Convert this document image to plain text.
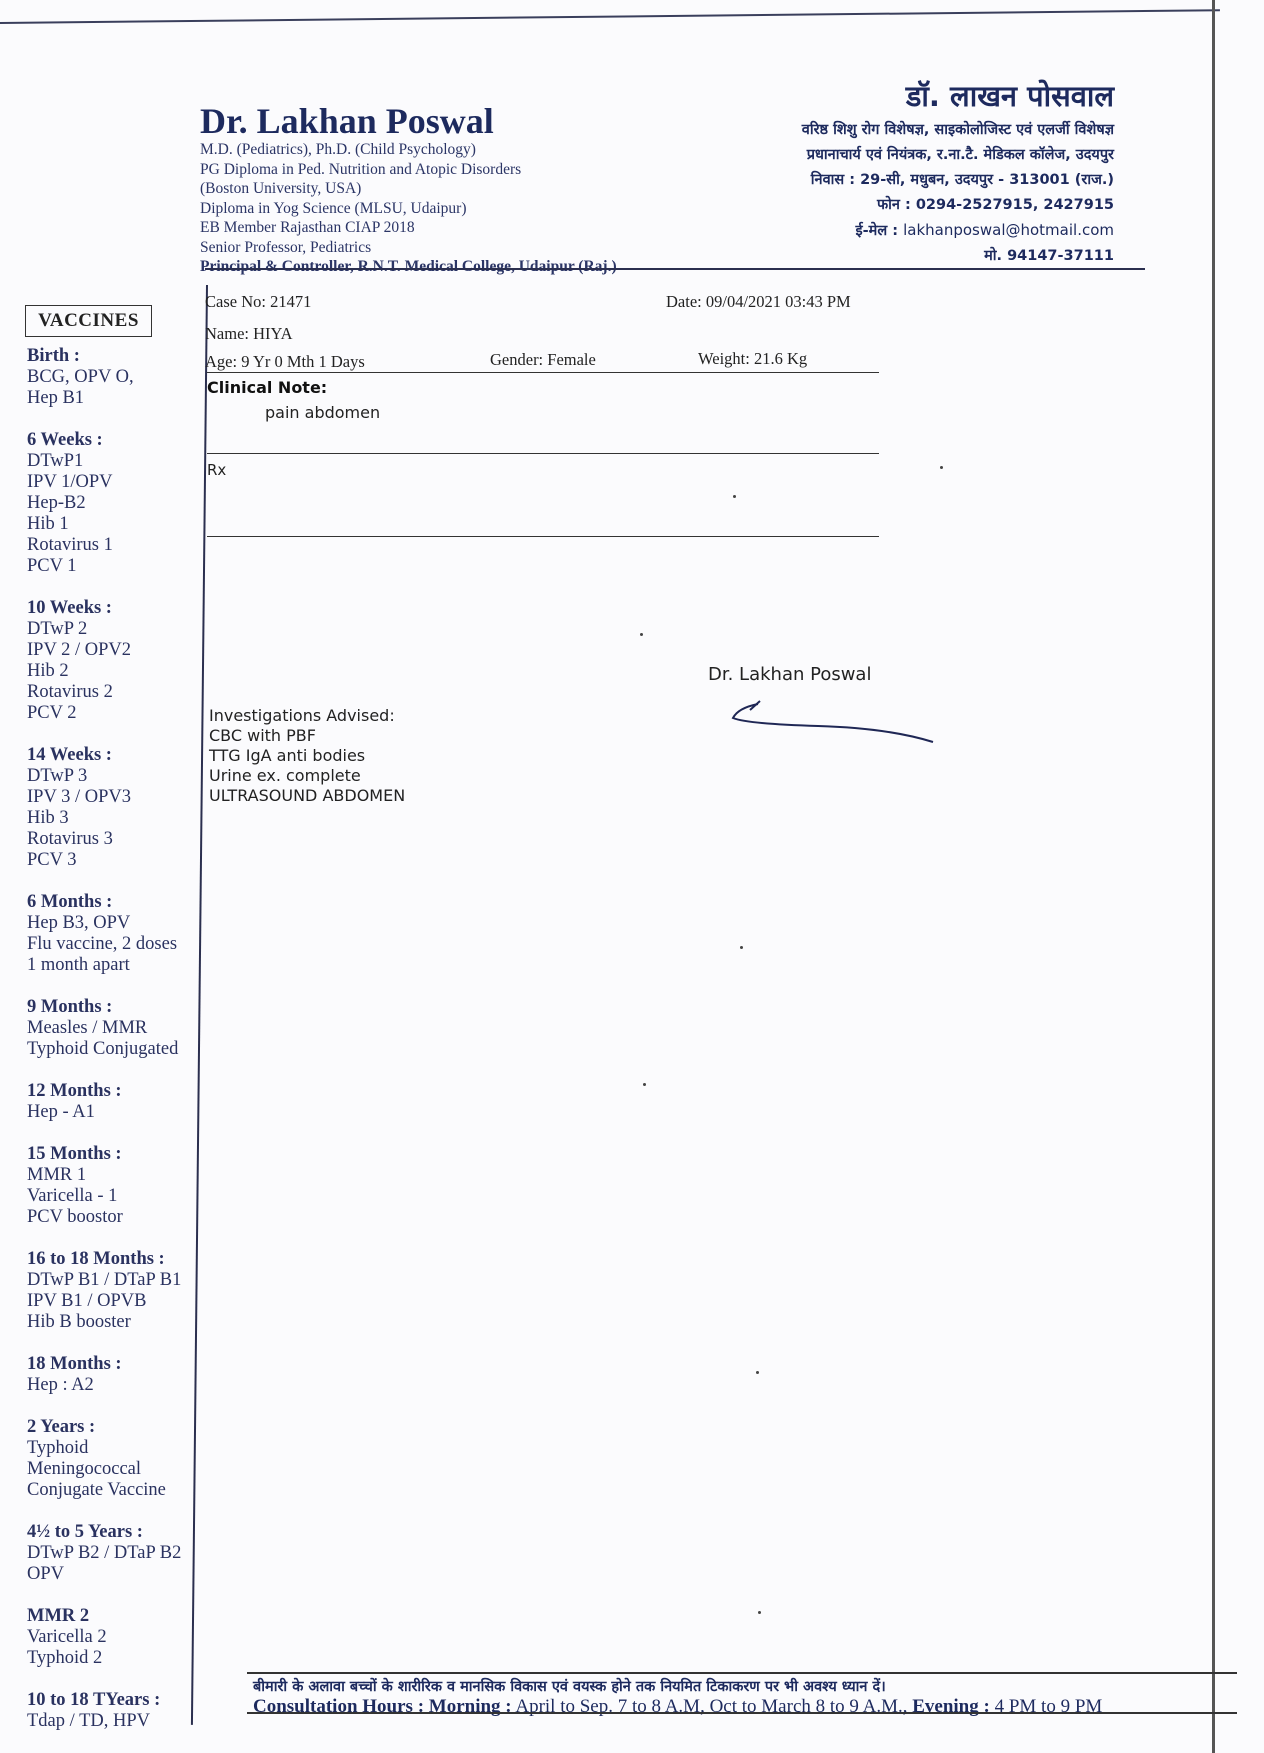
Dr. Lakhan Poswal
M.D. (Pediatrics), Ph.D. (Child Psychology)
PG Diploma in Ped. Nutrition and Atopic Disorders
(Boston University, USA)
Diploma in Yog Science (MLSU, Udaipur)
EB Member Rajasthan CIAP 2018
Senior Professor, Pediatrics
Principal & Controller, R.N.T. Medical College, Udaipur (Raj.)
डॉ. लाखन पोसवाल
वरिष्ठ शिशु रोग विशेषज्ञ, साइकोलोजिस्ट एवं एलर्जी विशेषज्ञ
प्रधानाचार्य एवं नियंत्रक, र.ना.टै. मेडिकल कॉलेज, उदयपुर
निवास : 29-सी, मधुबन, उदयपुर - 313001 (राज.)
फोन : 0294-2527915, 2427915
ई-मेल : lakhanposwal@hotmail.com
मो. 94147-37111
VACCINES
Birth :
BCG, OPV O,
Hep B1
6 Weeks :
DTwP1
IPV 1/OPV
Hep-B2
Hib 1
Rotavirus 1
PCV 1
10 Weeks :
DTwP 2
IPV 2 / OPV2
Hib 2
Rotavirus 2
PCV 2
14 Weeks :
DTwP 3
IPV 3 / OPV3
Hib 3
Rotavirus 3
PCV 3
6 Months :
Hep B3, OPV
Flu vaccine, 2 doses
1 month apart
9 Months :
Measles / MMR
Typhoid Conjugated
12 Months :
Hep - A1
15 Months :
MMR 1
Varicella - 1
PCV boostor
16 to 18 Months :
DTwP B1 / DTaP B1
IPV B1 / OPVB
Hib B booster
18 Months :
Hep : A2
2 Years :
Typhoid
Meningococcal
Conjugate Vaccine
4½ to 5 Years :
DTwP B2 / DTaP B2
OPV
MMR 2
Varicella 2
Typhoid 2
10 to 18 TYears :
Tdap / TD, HPV
Case No: 21471	Date: 09/04/2021 03:43 PM
Name: HIYA
Age: 9 Yr 0 Mth 1 Days	Gender: Female	Weight: 21.6 Kg
Clinical Note:
pain abdomen
Rx
Dr. Lakhan Poswal
Investigations Advised:
CBC with PBF
TTG IgA anti bodies
Urine ex. complete
ULTRASOUND ABDOMEN
बीमारी के अलावा बच्चों के शारीरिक व मानसिक विकास एवं वयस्क होने तक नियमित टिकाकरण पर भी अवश्य ध्यान दें।
Consultation Hours : Morning : April to Sep. 7 to 8 A.M, Oct to March 8 to 9 A.M., Evening : 4 PM to 9 PM
